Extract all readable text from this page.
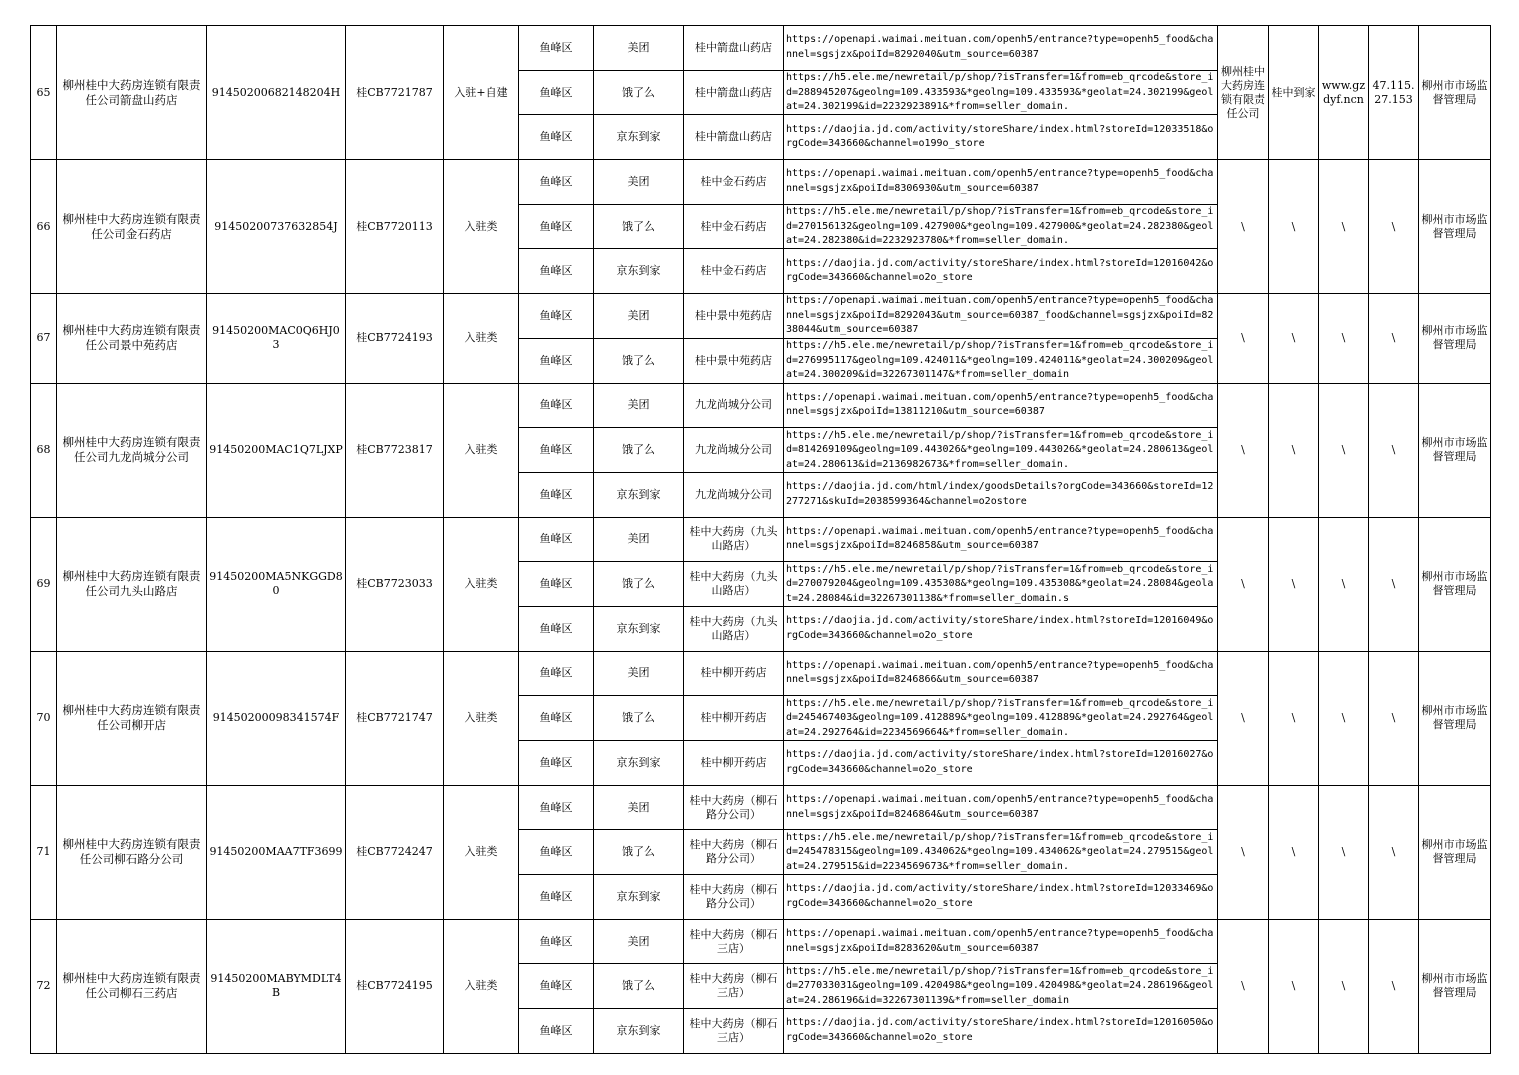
65	柳州桂中大药房连锁有限责任公司箭盘山药店	91450200682148204H	桂CB7721787	入驻+自建	鱼峰区	美团	桂中箭盘山药店	https://openapi.waimai.meituan.com/openh5/entrance?type=openh5_food&channel=sgsjzx&poiId=8292040&utm_source=60387	柳州桂中大药房连锁有限责任公司	桂中到家	www.gzdyf.ncn	47.115.27.153	柳州市市场监督管理局
					鱼峰区	饿了么	桂中箭盘山药店	https://h5.ele.me/newretail/p/shop/?isTransfer=1&from=eb_qrcode&store_id=288945207&geolng=109.433593&*geolng=109.433593&*geolat=24.302199&geolat=24.302199&id=2232923891&*from=seller_domain.					

					鱼峰区	京东到家	桂中箭盘山药店	https://daojia.jd.com/activity/storeShare/index.html?storeId=12033518&orgCode=343660&channel=o199o_store					

66	柳州桂中大药房连锁有限责任公司金石药店	91450200737632854J	桂CB7720113	入驻类	鱼峰区	美团	桂中金石药店	https://openapi.waimai.meituan.com/openh5/entrance?type=openh5_food&channel=sgsjzx&poiId=8306930&utm_source=60387	\	\	\	\	柳州市市场监督管理局
					鱼峰区	饿了么	桂中金石药店	https://h5.ele.me/newretail/p/shop/?isTransfer=1&from=eb_qrcode&store_id=270156132&geolng=109.427900&*geolng=109.427900&*geolat=24.282380&geolat=24.282380&id=2232923780&*from=seller_domain.					

					鱼峰区	京东到家	桂中金石药店	https://daojia.jd.com/activity/storeShare/index.html?storeId=12016042&orgCode=343660&channel=o2o_store					

67	柳州桂中大药房连锁有限责任公司景中苑药店	91450200MAC0Q6HJ03	桂CB7724193	入驻类	鱼峰区	美团	桂中景中苑药店	https://openapi.waimai.meituan.com/openh5/entrance?type=openh5_food&channel=sgsjzx&poiId=8292043&utm_source=60387_food&channel=sgsjzx&poiId=8238044&utm_source=60387	\	\	\	\	柳州市市场监督管理局
					鱼峰区	饿了么	桂中景中苑药店	https://h5.ele.me/newretail/p/shop/?isTransfer=1&from=eb_qrcode&store_id=276995117&geolng=109.424011&*geolng=109.424011&*geolat=24.300209&geolat=24.300209&id=32267301147&*from=seller_domain					

68	柳州桂中大药房连锁有限责任公司九龙尚城分公司	91450200MAC1Q7LJXP	桂CB7723817	入驻类	鱼峰区	美团	九龙尚城分公司	https://openapi.waimai.meituan.com/openh5/entrance?type=openh5_food&channel=sgsjzx&poiId=13811210&utm_source=60387	\	\	\	\	柳州市市场监督管理局
					鱼峰区	饿了么	九龙尚城分公司	https://h5.ele.me/newretail/p/shop/?isTransfer=1&from=eb_qrcode&store_id=814269109&geolng=109.443026&*geolng=109.443026&*geolat=24.280613&geolat=24.280613&id=2136982673&*from=seller_domain.					

					鱼峰区	京东到家	九龙尚城分公司	https://daojia.jd.com/html/index/goodsDetails?orgCode=343660&storeId=12277271&skuId=2038599364&channel=o2ostore					

69	柳州桂中大药房连锁有限责任公司九头山路店	91450200MA5NKGGD80	桂CB7723033	入驻类	鱼峰区	美团	桂中大药房（九头山路店）	https://openapi.waimai.meituan.com/openh5/entrance?type=openh5_food&channel=sgsjzx&poiId=8246858&utm_source=60387	\	\	\	\	柳州市市场监督管理局
					鱼峰区	饿了么	桂中大药房（九头山路店）	https://h5.ele.me/newretail/p/shop/?isTransfer=1&from=eb_qrcode&store_id=270079204&geolng=109.435308&*geolng=109.435308&*geolat=24.28084&geolat=24.28084&id=32267301138&*from=seller_domain.s					

					鱼峰区	京东到家	桂中大药房（九头山路店）	https://daojia.jd.com/activity/storeShare/index.html?storeId=12016049&orgCode=343660&channel=o2o_store					

70	柳州桂中大药房连锁有限责任公司柳开店	91450200098341574F	桂CB7721747	入驻类	鱼峰区	美团	桂中柳开药店	https://openapi.waimai.meituan.com/openh5/entrance?type=openh5_food&channel=sgsjzx&poiId=8246866&utm_source=60387	\	\	\	\	柳州市市场监督管理局
					鱼峰区	饿了么	桂中柳开药店	https://h5.ele.me/newretail/p/shop/?isTransfer=1&from=eb_qrcode&store_id=245467403&geolng=109.412889&*geolng=109.412889&*geolat=24.292764&geolat=24.292764&id=2234569664&*from=seller_domain.					

					鱼峰区	京东到家	桂中柳开药店	https://daojia.jd.com/activity/storeShare/index.html?storeId=12016027&orgCode=343660&channel=o2o_store					

71	柳州桂中大药房连锁有限责任公司柳石路分公司	91450200MAA7TF3699	桂CB7724247	入驻类	鱼峰区	美团	桂中大药房（柳石路分公司）	https://openapi.waimai.meituan.com/openh5/entrance?type=openh5_food&channel=sgsjzx&poiId=8246864&utm_source=60387	\	\	\	\	柳州市市场监督管理局
					鱼峰区	饿了么	桂中大药房（柳石路分公司）	https://h5.ele.me/newretail/p/shop/?isTransfer=1&from=eb_qrcode&store_id=245478315&geolng=109.434062&*geolng=109.434062&*geolat=24.279515&geolat=24.279515&id=2234569673&*from=seller_domain.					

					鱼峰区	京东到家	桂中大药房（柳石路分公司）	https://daojia.jd.com/activity/storeShare/index.html?storeId=12033469&orgCode=343660&channel=o2o_store					

72	柳州桂中大药房连锁有限责任公司柳石三药店	91450200MABYMDLT4B	桂CB7724195	入驻类	鱼峰区	美团	桂中大药房（柳石三店）	https://openapi.waimai.meituan.com/openh5/entrance?type=openh5_food&channel=sgsjzx&poiId=8283620&utm_source=60387	\	\	\	\	柳州市市场监督管理局
					鱼峰区	饿了么	桂中大药房（柳石三店）	https://h5.ele.me/newretail/p/shop/?isTransfer=1&from=eb_qrcode&store_id=277033031&geolng=109.420498&*geolng=109.420498&*geolat=24.286196&geolat=24.286196&id=32267301139&*from=seller_domain					

					鱼峰区	京东到家	桂中大药房（柳石三店）	https://daojia.jd.com/activity/storeShare/index.html?storeId=12016050&orgCode=343660&channel=o2o_store					
